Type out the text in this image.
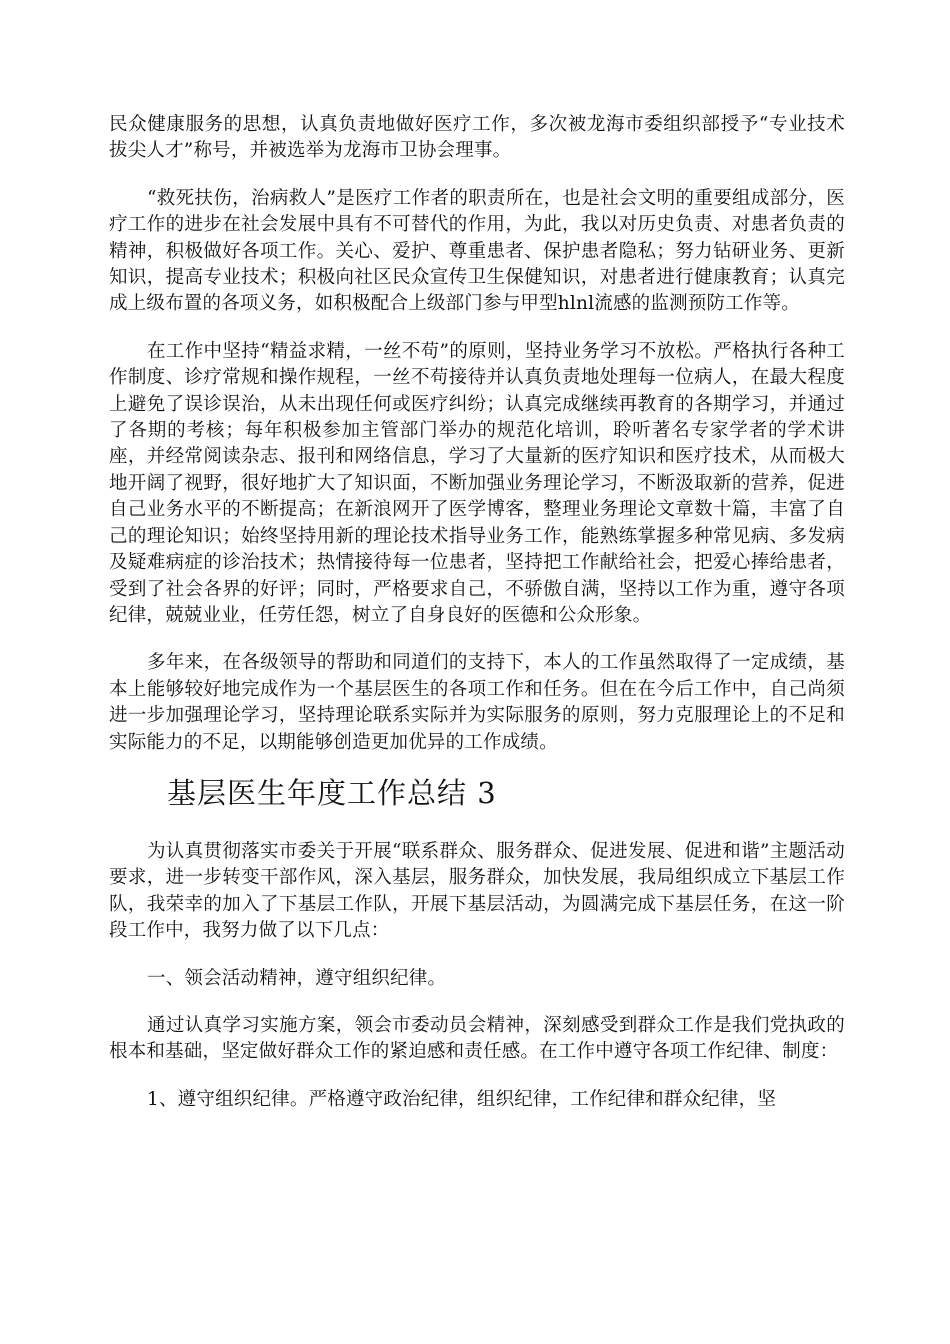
民众健康服务的思想，认真负责地做好医疗工作，多次被龙海市委组织部授予“专业技术拔尖人才”称号，并被选举为龙海市卫协会理事。

“救死扶伤，治病救人”是医疗工作者的职责所在，也是社会文明的重要组成部分，医疗工作的进步在社会发展中具有不可替代的作用，为此，我以对历史负责、对患者负责的精神，积极做好各项工作。关心、爱护、尊重患者、保护患者隐私；努力钻研业务、更新知识，提高专业技术；积极向社区民众宣传卫生保健知识，对患者进行健康教育；认真完成上级布置的各项义务，如积极配合上级部门参与甲型hlnl流感的监测预防工作等。

在工作中坚持“精益求精，一丝不苟”的原则，坚持业务学习不放松。严格执行各种工作制度、诊疗常规和操作规程，一丝不苟接待并认真负责地处理每一位病人，在最大程度上避免了误诊误治，从未出现任何或医疗纠纷；认真完成继续再教育的各期学习，并通过了各期的考核；每年积极参加主管部门举办的规范化培训，聆听著名专家学者的学术讲座，并经常阅读杂志、报刊和网络信息，学习了大量新的医疗知识和医疗技术，从而极大地开阔了视野，很好地扩大了知识面，不断加强业务理论学习，不断汲取新的营养，促进自己业务水平的不断提高；在新浪网开了医学博客，整理业务理论文章数十篇，丰富了自己的理论知识；始终坚持用新的理论技术指导业务工作，能熟练掌握多种常见病、多发病及疑难病症的诊治技术；热情接待每一位患者，坚持把工作献给社会，把爱心捧给患者，受到了社会各界的好评；同时，严格要求自己，不骄傲自满，坚持以工作为重，遵守各项纪律，兢兢业业，任劳任怨，树立了自身良好的医德和公众形象。

多年来，在各级领导的帮助和同道们的支持下，本人的工作虽然取得了一定成绩，基本上能够较好地完成作为一个基层医生的各项工作和任务。但在在今后工作中，自己尚须进一步加强理论学习，坚持理论联系实际并为实际服务的原则，努力克服理论上的不足和实际能力的不足，以期能够创造更加优异的工作成绩。

基层医生年度工作总结 3

为认真贯彻落实市委关于开展“联系群众、服务群众、促进发展、促进和谐”主题活动要求，进一步转变干部作风，深入基层，服务群众，加快发展，我局组织成立下基层工作队，我荣幸的加入了下基层工作队，开展下基层活动，为圆满完成下基层任务，在这一阶段工作中，我努力做了以下几点：

一、领会活动精神，遵守组织纪律。

通过认真学习实施方案，领会市委动员会精神，深刻感受到群众工作是我们党执政的根本和基础，坚定做好群众工作的紧迫感和责任感。在工作中遵守各项工作纪律、制度：

1、遵守组织纪律。严格遵守政治纪律，组织纪律，工作纪律和群众纪律，坚
